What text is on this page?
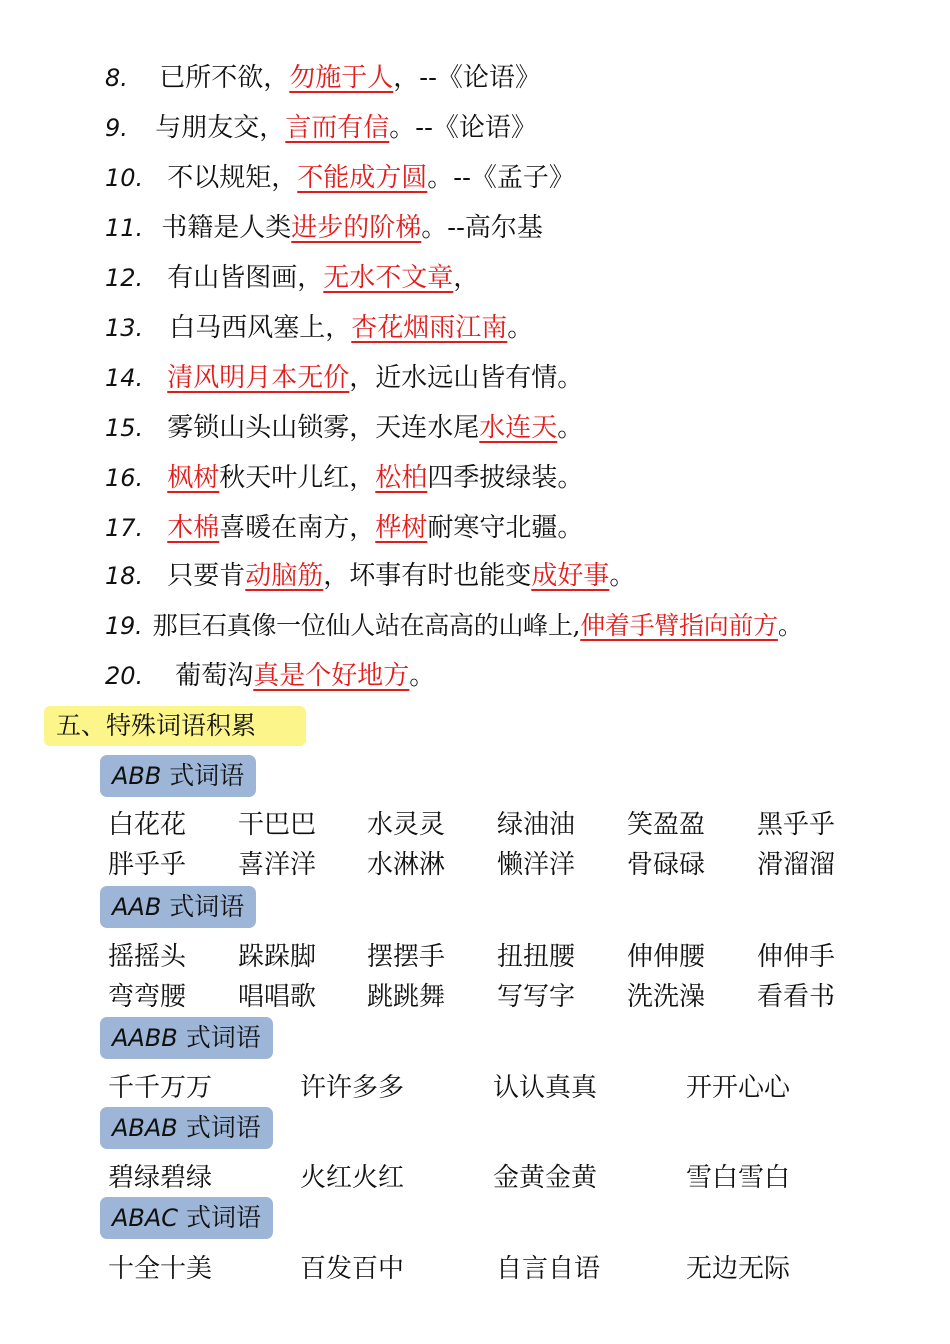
8. 已所不欲，勿施于人，--《论语》
9. 与朋友交，言而有信。--《论语》
10. 不以规矩，不能成方圆。--《孟子》
11. 书籍是人类进步的阶梯。--高尔基
12. 有山皆图画，无水不文章，
13. 白马西风塞上，杏花烟雨江南。
14. 清风明月本无价，近水远山皆有情。
15. 雾锁山头山锁雾，天连水尾水连天。
16. 枫树秋天叶儿红，松柏四季披绿装。
17. 木棉喜暖在南方，桦树耐寒守北疆。
18. 只要肯动脑筋，坏事有时也能变成好事。
19. 那巨石真像一位仙人站在高高的山峰上,伸着手臂指向前方。
20. 葡萄沟真是个好地方。
五、特殊词语积累
ABB 式词语
AAB 式词语
AABB 式词语
ABAB 式词语
ABAC 式词语
白花花 干巴巴 水灵灵 绿油油 笑盈盈 黑乎乎
胖乎乎 喜洋洋 水淋淋 懒洋洋 骨碌碌 滑溜溜
摇摇头 跺跺脚 摆摆手 扭扭腰 伸伸腰 伸伸手
弯弯腰 唱唱歌 跳跳舞 写写字 洗洗澡 看看书
千千万万	许许多多	认认真真	开开心心
碧绿碧绿	火红火红	金黄金黄	雪白雪白
十全十美	百发百中	自言自语	无边无际
